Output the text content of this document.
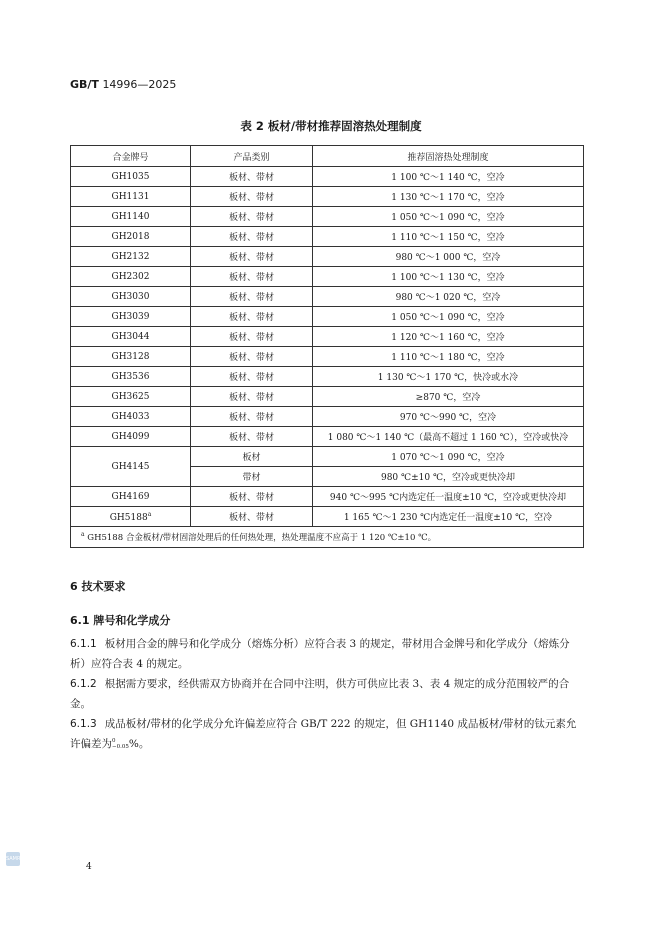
GB/T 14996—2025
表 2 板材/带材推荐固溶热处理制度
合金牌号	产品类别	推荐固溶热处理制度
GH1035	板材、带材	1 100 ℃～1 140 ℃，空冷
GH1131	板材、带材	1 130 ℃～1 170 ℃，空冷
GH1140	板材、带材	1 050 ℃～1 090 ℃，空冷
GH2018	板材、带材	1 110 ℃～1 150 ℃，空冷
GH2132	板材、带材	980 ℃～1 000 ℃，空冷
GH2302	板材、带材	1 100 ℃～1 130 ℃，空冷
GH3030	板材、带材	980 ℃～1 020 ℃，空冷
GH3039	板材、带材	1 050 ℃～1 090 ℃，空冷
GH3044	板材、带材	1 120 ℃～1 160 ℃，空冷
GH3128	板材、带材	1 110 ℃～1 180 ℃，空冷
GH3536	板材、带材	1 130 ℃～1 170 ℃，快冷或水冷
GH3625	板材、带材	≥870 ℃，空冷
GH4033	板材、带材	970 ℃～990 ℃，空冷
GH4099	板材、带材	1 080 ℃～1 140 ℃（最高不超过 1 160 ℃），空冷或快冷
GH4145	板材	1 070 ℃～1 090 ℃，空冷
	带材	980 ℃±10 ℃，空冷或更快冷却
GH4169	板材、带材	940 ℃～995 ℃内选定任一温度±10 ℃，空冷或更快冷却
GH5188$^a$	板材、带材	1 165 ℃～1 230 ℃内选定任一温度±10 ℃，空冷
$^a$ GH5188 合金板材/带材固溶处理后的任何热处理，热处理温度不应高于 1 120 ℃±10 ℃。		
6 技术要求
6.1 牌号和化学成分
6.1.1 板材用合金的牌号和化学成分（熔炼分析）应符合表 3 的规定，带材用合金牌号和化学成分（熔炼分析）应符合表 4 的规定。
6.1.2 根据需方要求，经供需双方协商并在合同中注明，供方可供应比表 3、表 4 规定的成分范围较严的合金。
6.1.3 成品板材/带材的化学成分允许偏差应符合 GB/T 222 的规定，但 GH1140 成品板材/带材的钛元素允许偏差为0
−0.05%。
SAMR
4
